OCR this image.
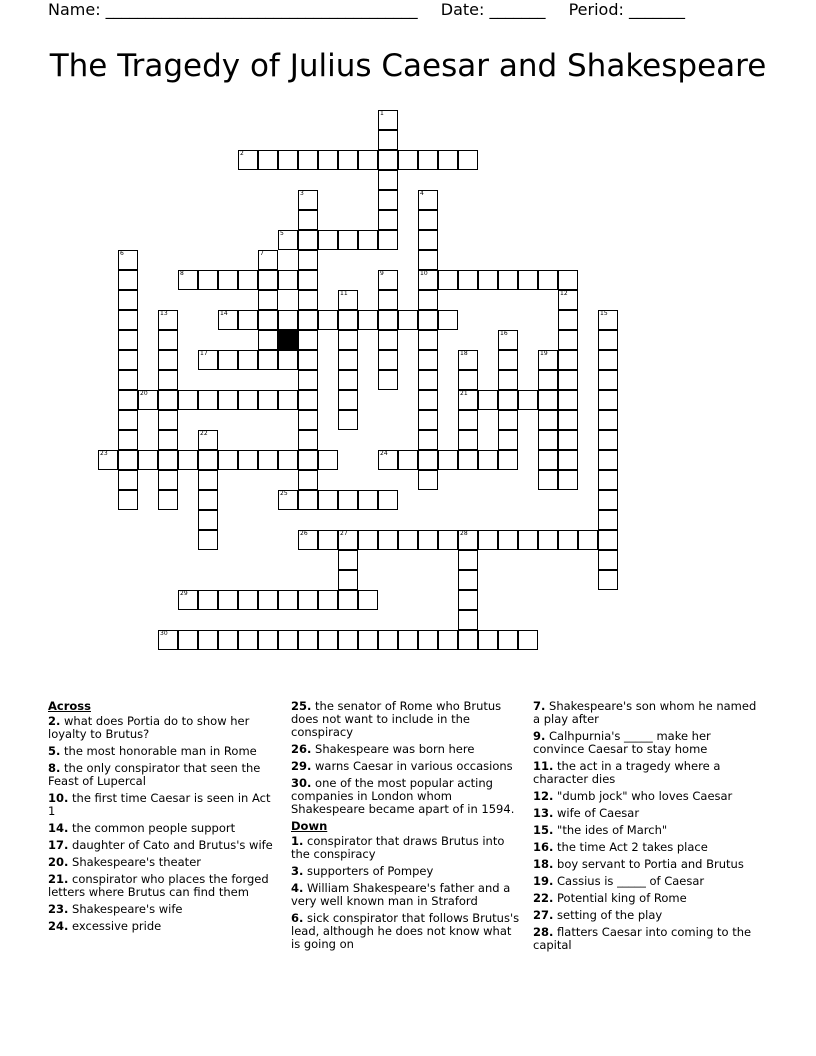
Name: _______________________________________ Date: _______ Period: _______
The Tragedy of Julius Caesar and Shakespeare
1
2
3	4
10
5
6	7
8	9
11	12
13	14	15
16
17	18
21
19
20
22
23	24
25
26	27	28
29
30
Across
2. what does Portia do to show her loyalty to Brutus?
5. the most honorable man in Rome
8. the only conspirator that seen the Feast of Lupercal
10. the first time Caesar is seen in Act 1
14. the common people support
17. daughter of Cato and Brutus's wife
20. Shakespeare's theater
21. conspirator who places the forged letters where Brutus can find them
23. Shakespeare's wife
24. excessive pride
25. the senator of Rome who Brutus does not want to include in the conspiracy
26. Shakespeare was born here
29. warns Caesar in various occasions
30. one of the most popular acting companies in London whom Shakespeare became apart of in 1594.
Down
1. conspirator that draws Brutus into the conspiracy
3. supporters of Pompey
4. William Shakespeare's father and a very well known man in Straford
6. sick conspirator that follows Brutus's lead, although he does not know what is going on
7. Shakespeare's son whom he named a play after
9. Calhpurnia's _____ make her convince Caesar to stay home
11. the act in a tragedy where a character dies
12. "dumb jock" who loves Caesar
13. wife of Caesar
15. "the ides of March"
16. the time Act 2 takes place
18. boy servant to Portia and Brutus
19. Cassius is _____ of Caesar
22. Potential king of Rome
27. setting of the play
28. flatters Caesar into coming to the capital
